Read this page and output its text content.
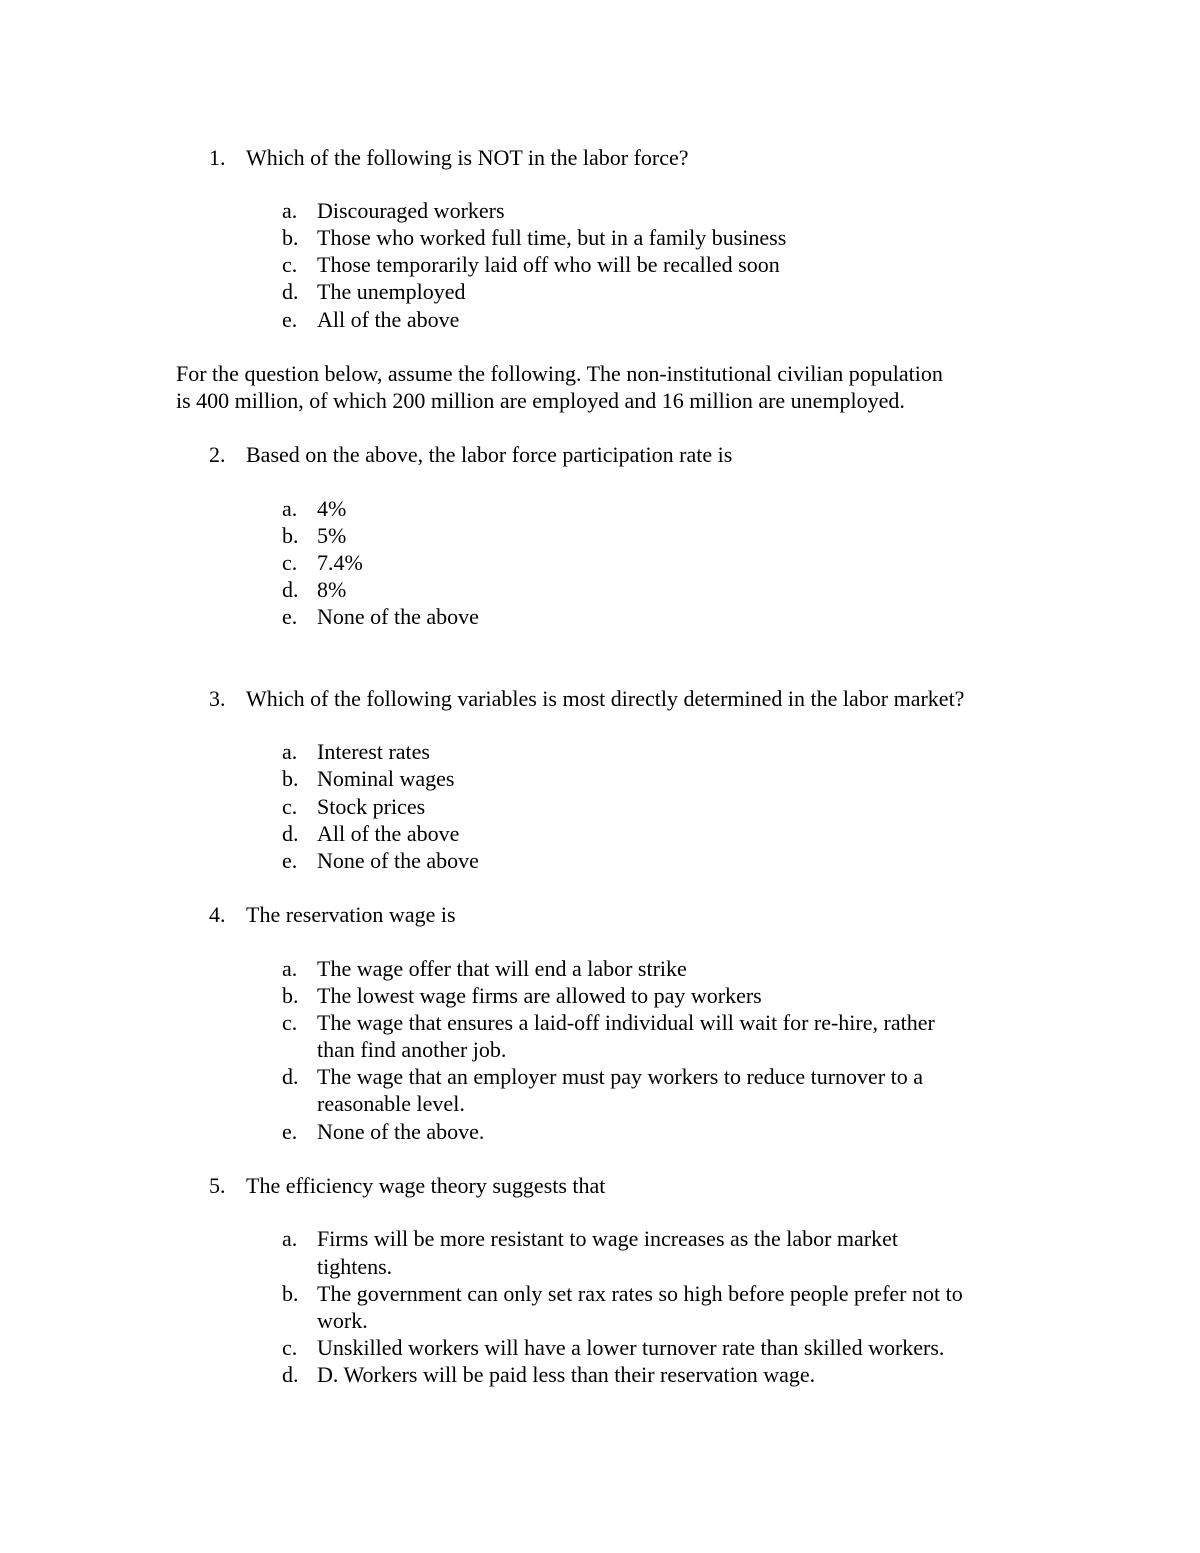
1. Which of the following is NOT in the labor force?
a. Discouraged workers
b. Those who worked full time, but in a family business
c. Those temporarily laid off who will be recalled soon
d. The unemployed
e. All of the above
For the question below, assume the following. The non-institutional civilian population
is 400 million, of which 200 million are employed and 16 million are unemployed.
2. Based on the above, the labor force participation rate is
a. 4%
b. 5%
c. 7.4%
d. 8%
e. None of the above
3. Which of the following variables is most directly determined in the labor market?
a. Interest rates
b. Nominal wages
c. Stock prices
d. All of the above
e. None of the above
4. The reservation wage is
a. The wage offer that will end a labor strike
b. The lowest wage firms are allowed to pay workers
c. The wage that ensures a laid-off individual will wait for re-hire, rather
than find another job.
d. The wage that an employer must pay workers to reduce turnover to a
reasonable level.
e. None of the above.
5. The efficiency wage theory suggests that
a. Firms will be more resistant to wage increases as the labor market
tightens.
b. The government can only set rax rates so high before people prefer not to
work.
c. Unskilled workers will have a lower turnover rate than skilled workers.
d. D. Workers will be paid less than their reservation wage.
